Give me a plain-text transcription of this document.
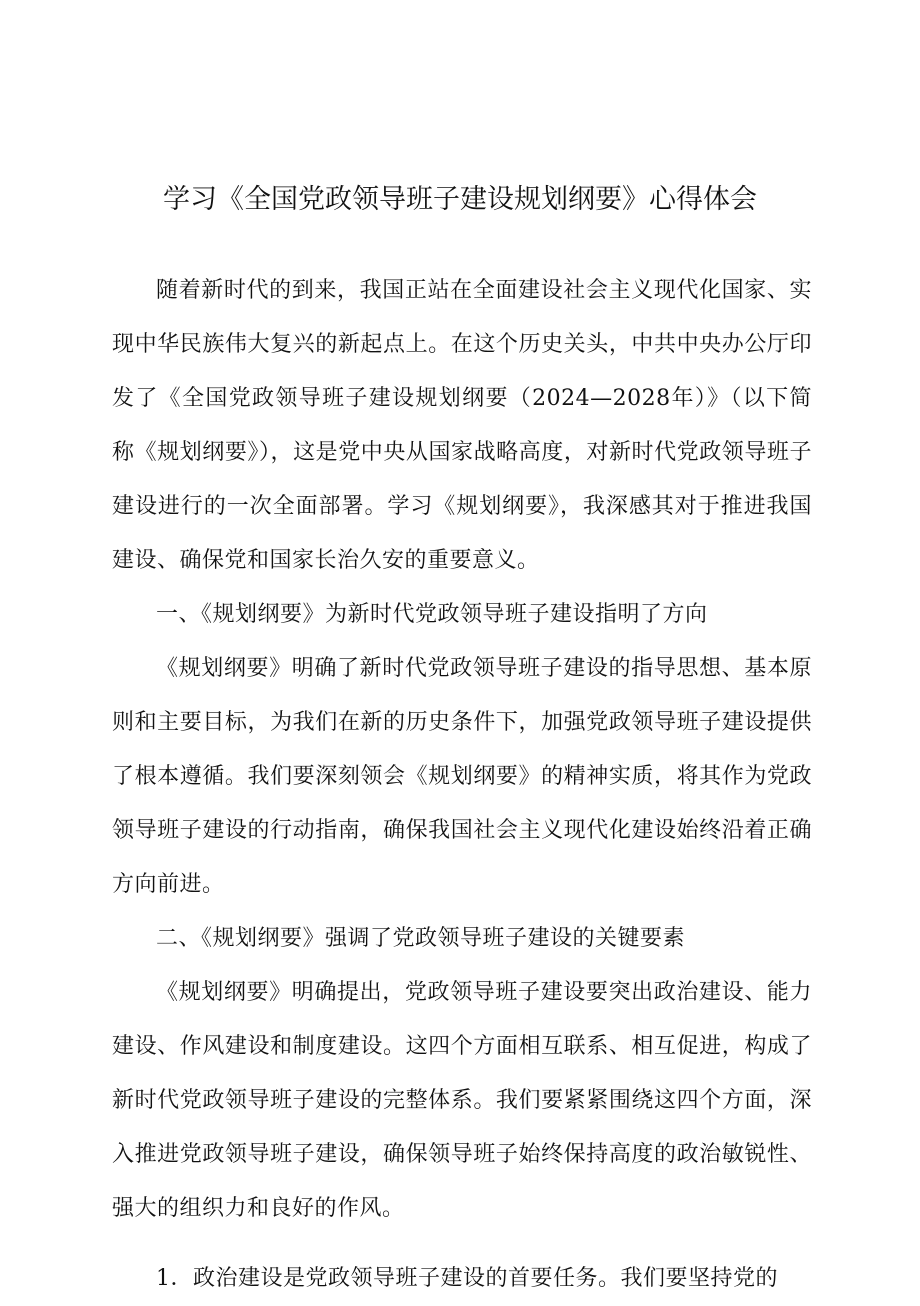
学习《全国党政领导班子建设规划纲要》心得体会

随着新时代的到来，我国正站在全面建设社会主义现代化国家、实现中华民族伟大复兴的新起点上。在这个历史关头，中共中央办公厅印发了《全国党政领导班子建设规划纲要（2024—2028年）》（以下简称《规划纲要》），这是党中央从国家战略高度，对新时代党政领导班子建设进行的一次全面部署。学习《规划纲要》，我深感其对于推进我国建设、确保党和国家长治久安的重要意义。

一、《规划纲要》为新时代党政领导班子建设指明了方向

《规划纲要》明确了新时代党政领导班子建设的指导思想、基本原则和主要目标，为我们在新的历史条件下，加强党政领导班子建设提供了根本遵循。我们要深刻领会《规划纲要》的精神实质，将其作为党政领导班子建设的行动指南，确保我国社会主义现代化建设始终沿着正确方向前进。

二、《规划纲要》强调了党政领导班子建设的关键要素

《规划纲要》明确提出，党政领导班子建设要突出政治建设、能力建设、作风建设和制度建设。这四个方面相互联系、相互促进，构成了新时代党政领导班子建设的完整体系。我们要紧紧围绕这四个方面，深入推进党政领导班子建设，确保领导班子始终保持高度的政治敏锐性、强大的组织力和良好的作风。

1．政治建设是党政领导班子建设的首要任务。我们要坚持党的
